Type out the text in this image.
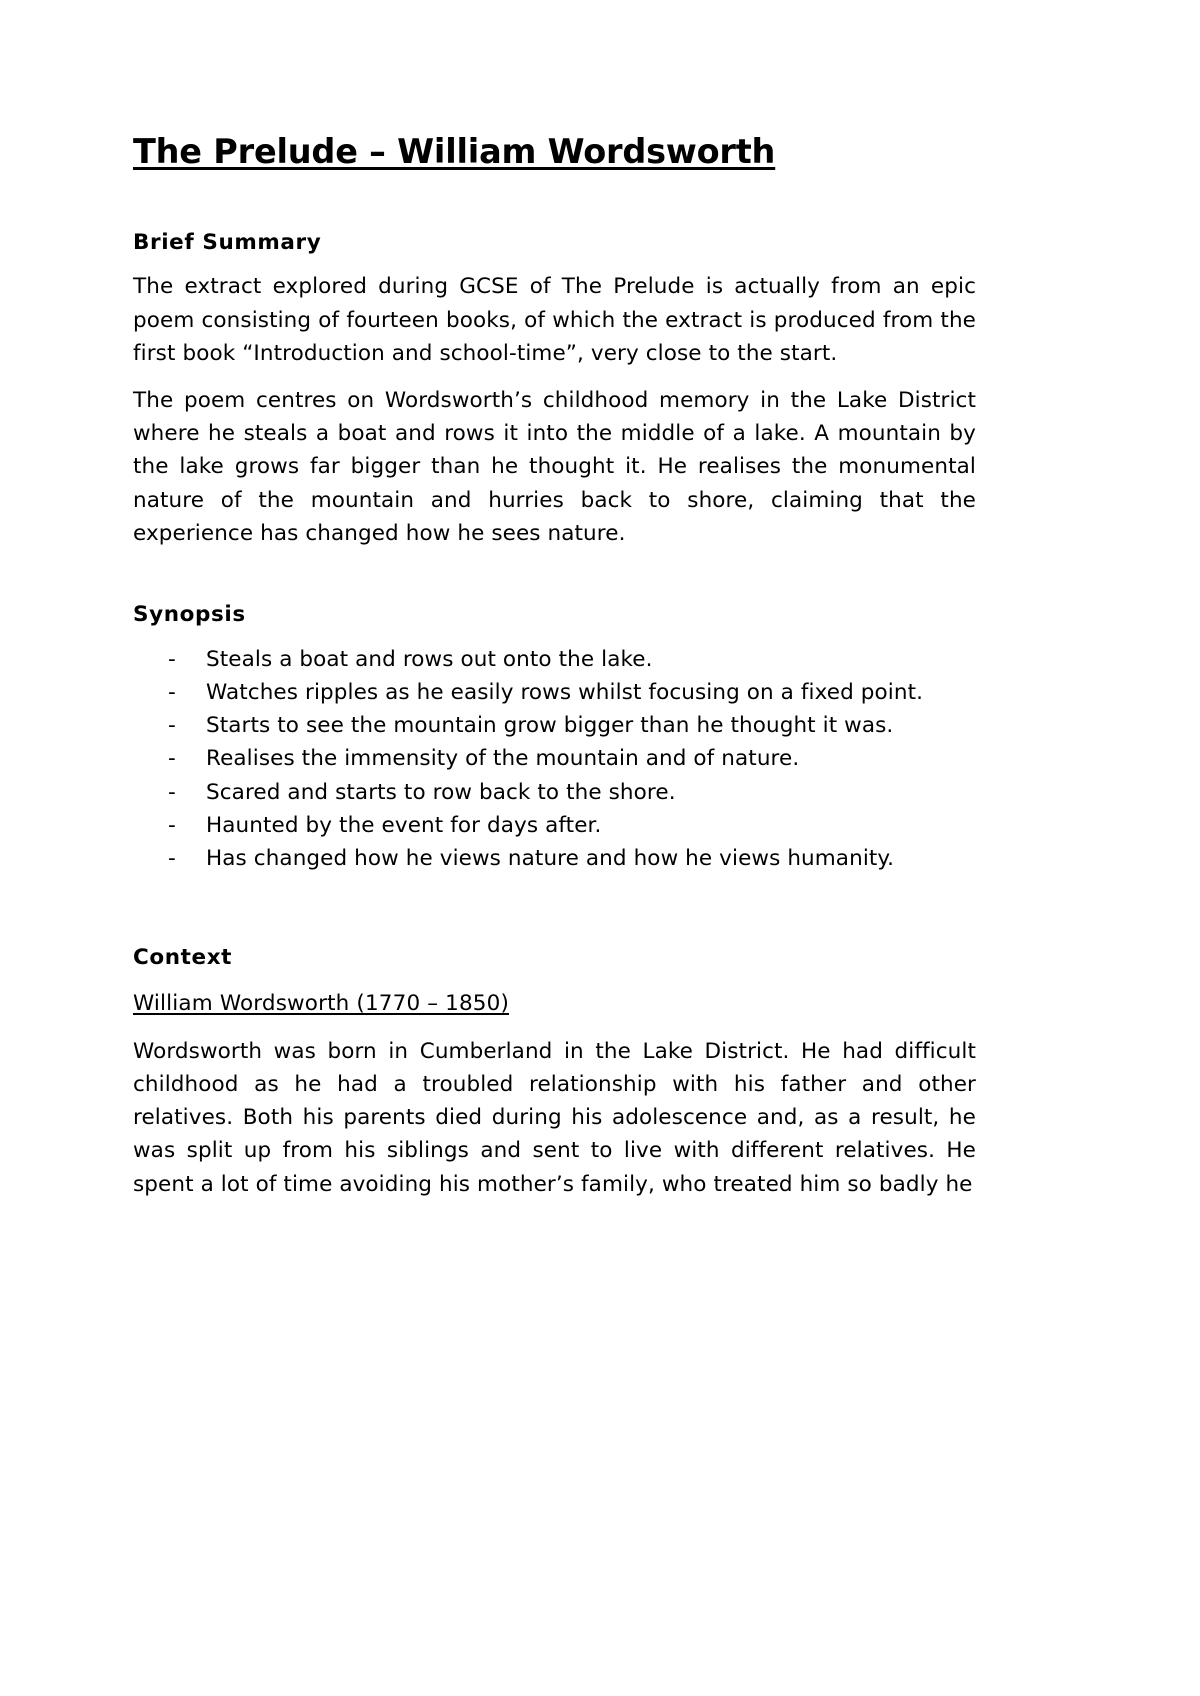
The Prelude – William Wordsworth
Brief Summary

The extract explored during GCSE of The Prelude is actually from an epic poem consisting of fourteen books, of which the extract is produced from the first book “Introduction and school-time”, very close to the start.

The poem centres on Wordsworth’s childhood memory in the Lake District where he steals a boat and rows it into the middle of a lake. A mountain by the lake grows far bigger than he thought it. He realises the monumental nature of the mountain and hurries back to shore, claiming that the experience has changed how he sees nature.

Synopsis
- Steals a boat and rows out onto the lake.
- Watches ripples as he easily rows whilst focusing on a fixed point.
- Starts to see the mountain grow bigger than he thought it was.
- Realises the immensity of the mountain and of nature.
- Scared and starts to row back to the shore.
- Haunted by the event for days after.
- Has changed how he views nature and how he views humanity.
Context
William Wordsworth (1770 – 1850)

Wordsworth was born in Cumberland in the Lake District. He had difficult childhood as he had a troubled relationship with his father and other relatives. Both his parents died during his adolescence and, as a result, he was split up from his siblings and sent to live with different relatives. He spent a lot of time avoiding his mother’s family, who treated him so badly he
